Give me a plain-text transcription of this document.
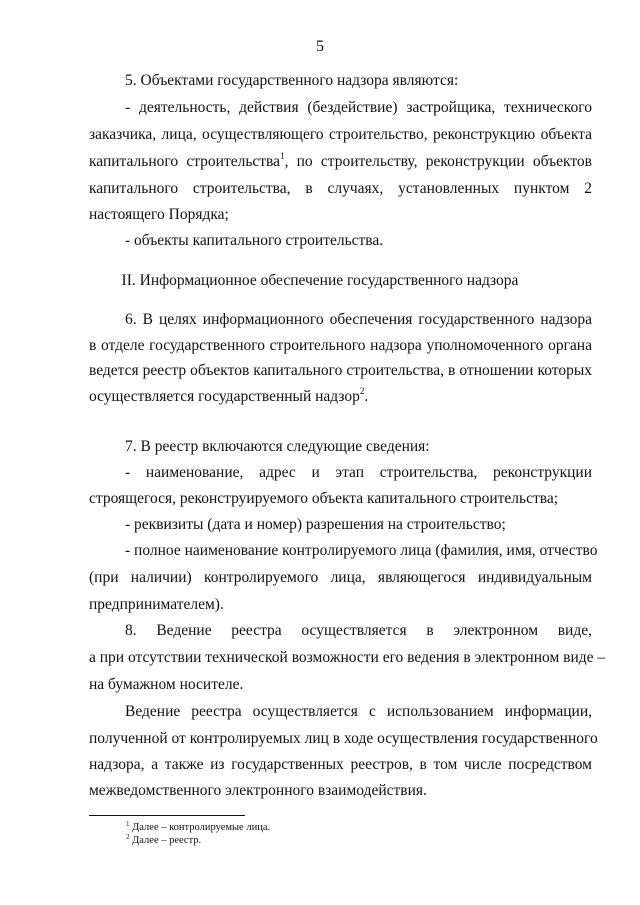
5
5. Объектами государственного надзора являются:
- деятельность, действия (бездействие) застройщика, технического
заказчика, лица, осуществляющего строительство, реконструкцию объекта
капитального строительства$^1$, по строительству, реконструкции объектов
капитального строительства, в случаях, установленных пунктом 2
настоящего Порядка;
- объекты капитального строительства.
II. Информационное обеспечение государственного надзора
6. В целях информационного обеспечения государственного надзора
в отделе государственного строительного надзора уполномоченного органа
ведется реестр объектов капитального строительства, в отношении которых
осуществляется государственный надзор$^2$.
7. В реестр включаются следующие сведения:
- наименование, адрес и этап строительства, реконструкции
строящегося, реконструируемого объекта капитального строительства;
- реквизиты (дата и номер) разрешения на строительство;
- полное наименование контролируемого лица (фамилия, имя, отчество
(при наличии) контролируемого лица, являющегося индивидуальным
предпринимателем).
8. Ведение реестра осуществляется в электронном виде,
а при отсутствии технической возможности его ведения в электронном виде –
на бумажном носителе.
Ведение реестра осуществляется с использованием информации,
полученной от контролируемых лиц в ходе осуществления государственного
надзора, а также из государственных реестров, в том числе посредством
межведомственного электронного взаимодействия.
$^1$ Далее – контролируемые лица.
$^2$ Далее – реестр.
